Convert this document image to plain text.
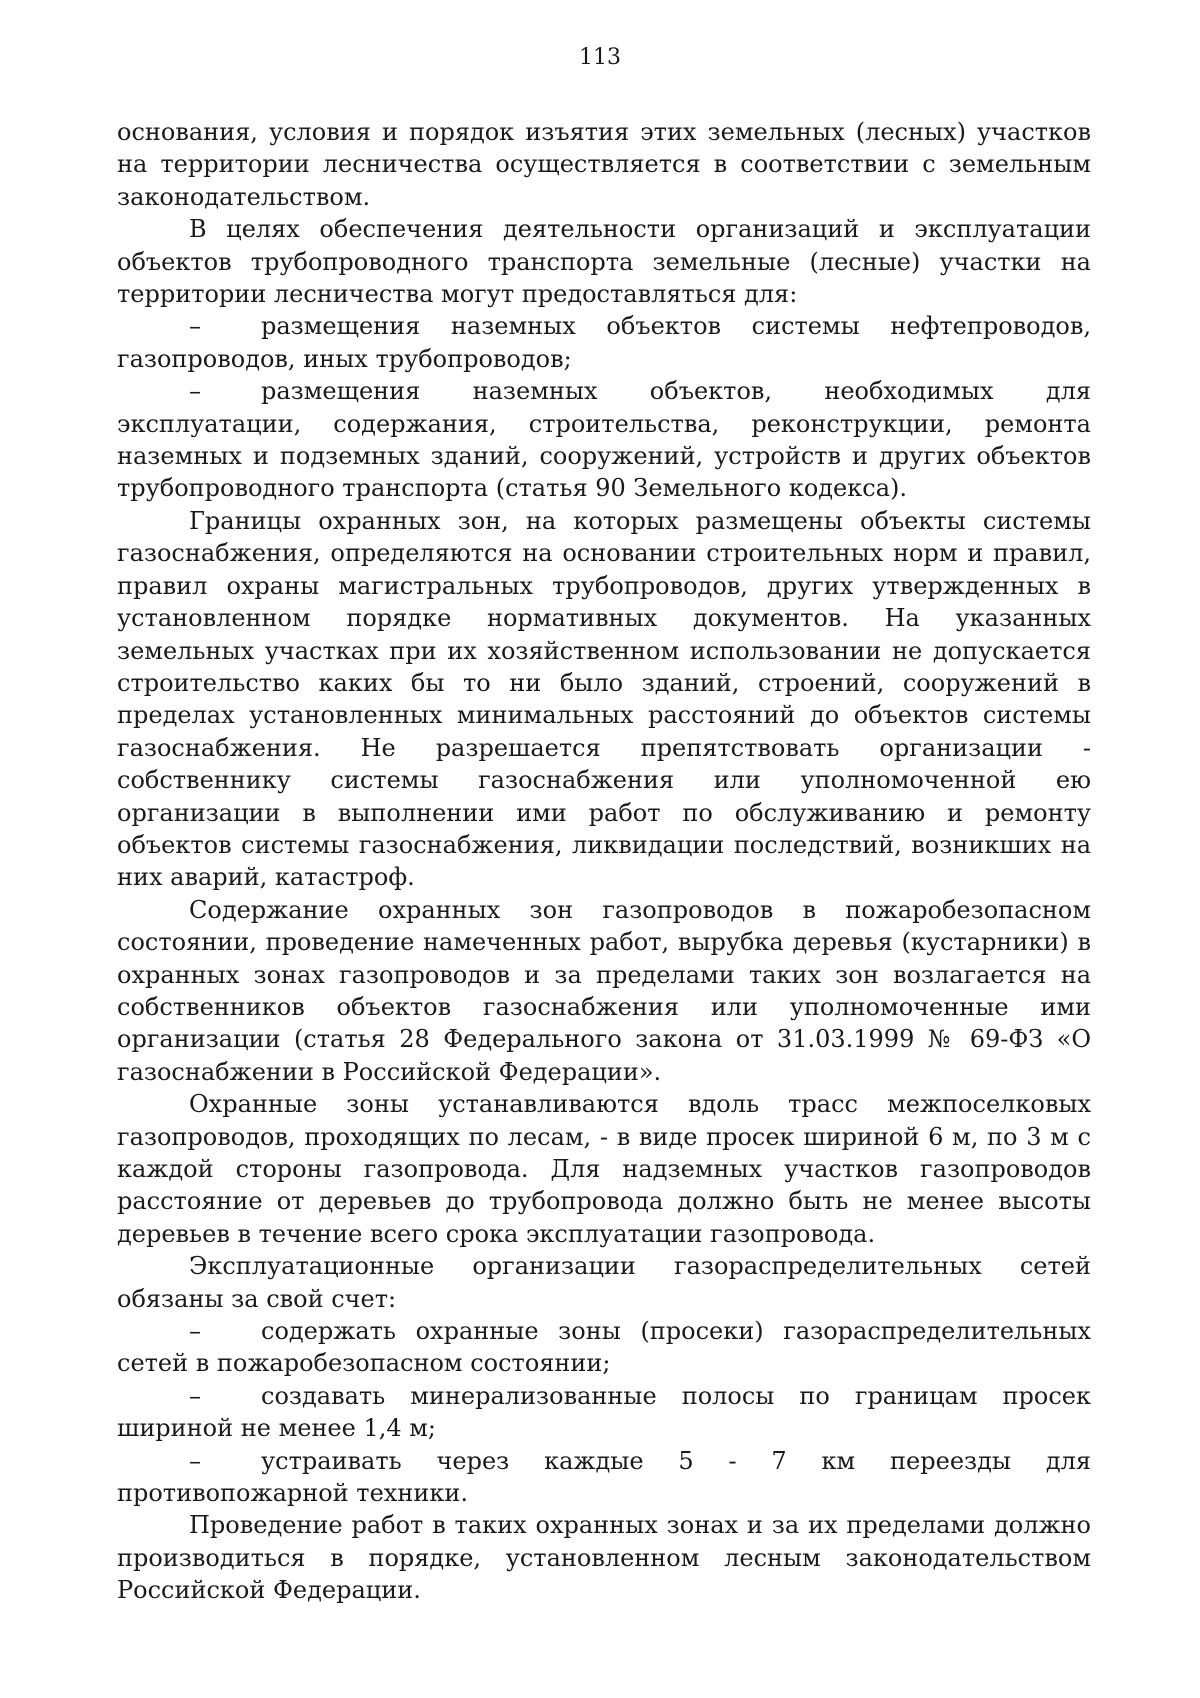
113

основания, условия и порядок изъятия этих земельных (лесных) участков на территории лесничества осуществляется в соответствии с земельным законодательством.

В целях обеспечения деятельности организаций и эксплуатации объектов трубопроводного транспорта земельные (лесные) участки на территории лесничества могут предоставляться для:

–	размещения наземных объектов системы нефтепроводов, газопроводов, иных трубопроводов;

–	размещения наземных объектов, необходимых для эксплуатации, содержания, строительства, реконструкции, ремонта наземных и подземных зданий, сооружений, устройств и других объектов трубопроводного транспорта (статья 90 Земельного кодекса).

Границы охранных зон, на которых размещены объекты системы газоснабжения, определяются на основании строительных норм и правил, правил охраны магистральных трубопроводов, других утвержденных в установленном порядке нормативных документов. На указанных земельных участках при их хозяйственном использовании не допускается строительство каких бы то ни было зданий, строений, сооружений в пределах установленных минимальных расстояний до объектов системы газоснабжения. Не разрешается препятствовать организации - собственнику системы газоснабжения или уполномоченной ею организации в выполнении ими работ по обслуживанию и ремонту объектов системы газоснабжения, ликвидации последствий, возникших на них аварий, катастроф.

Содержание охранных зон газопроводов в пожаробезопасном состоянии, проведение намеченных работ, вырубка деревья (кустарники) в охранных зонах газопроводов и за пределами таких зон возлагается на собственников объектов газоснабжения или уполномоченные ими организации (статья 28 Федерального закона от 31.03.1999 № 69-ФЗ «О газоснабжении в Российской Федерации».

Охранные зоны устанавливаются вдоль трасс межпоселковых газопроводов, проходящих по лесам, - в виде просек шириной 6 м, по 3 м с каждой стороны газопровода. Для надземных участков газопроводов расстояние от деревьев до трубопровода должно быть не менее высоты деревьев в течение всего срока эксплуатации газопровода.

Эксплуатационные организации газораспределительных сетей обязаны за свой счет:

–	содержать охранные зоны (просеки) газораспределительных сетей в пожаробезопасном состоянии;

–	создавать минерализованные полосы по границам просек шириной не менее 1,4 м;

–	устраивать через каждые 5 - 7 км переезды для противопожарной техники.

Проведение работ в таких охранных зонах и за их пределами должно производиться в порядке, установленном лесным законодательством Российской Федерации.
